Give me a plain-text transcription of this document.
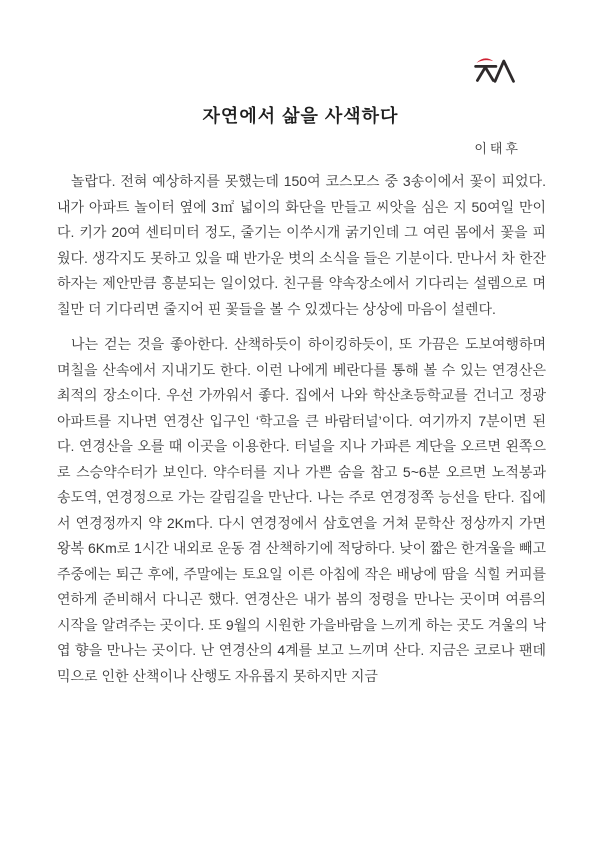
자연에서 삶을 사색하다
이태후

놀랍다. 전혀 예상하지를 못했는데 150여 코스모스 중 3송이에서 꽃이 피었다. 내가 아파트 놀이터 옆에 3㎡ 넓이의 화단을 만들고 씨앗을 심은 지 50여일 만이다. 키가 20여 센티미터 정도, 줄기는 이쑤시개 굵기인데 그 여린 몸에서 꽃을 피웠다. 생각지도 못하고 있을 때 반가운 벗의 소식을 들은 기분이다. 만나서 차 한잔하자는 제안만큼 흥분되는 일이었다. 친구를 약속장소에서 기다리는 설렘으로 며칠만 더 기다리면 줄지어 핀 꽃들을 볼 수 있겠다는 상상에 마음이 설렌다.

나는 걷는 것을 좋아한다. 산책하듯이 하이킹하듯이, 또 가끔은 도보여행하며 며칠을 산속에서 지내기도 한다. 이런 나에게 베란다를 통해 볼 수 있는 연경산은 최적의 장소이다. 우선 가까워서 좋다. 집에서 나와 학산초등학교를 건너고 정광아파트를 지나면 연경산 입구인 ‘학고을 큰 바람터널’이다. 여기까지 7분이면 된다. 연경산을 오를 때 이곳을 이용한다. 터널을 지나 가파른 계단을 오르면 왼쪽으로 스승약수터가 보인다. 약수터를 지나 가쁜 숨을 참고 5~6분 오르면 노적봉과 송도역, 연경정으로 가는 갈림길을 만난다. 나는 주로 연경정쪽 능선을 탄다. 집에서 연경정까지 약 2Km다. 다시 연경정에서 삼호연을 거쳐 문학산 정상까지 가면 왕복 6Km로 1시간 내외로 운동 겸 산책하기에 적당하다. 낮이 짧은 한겨울을 빼고 주중에는 퇴근 후에, 주말에는 토요일 이른 아침에 작은 배낭에 땀을 식힐 커피를 연하게 준비해서 다니곤 했다. 연경산은 내가 봄의 정령을 만나는 곳이며 여름의 시작을 알려주는 곳이다. 또 9월의 시원한 가을바람을 느끼게 하는 곳도 겨울의 낙엽 향을 만나는 곳이다. 난 연경산의 4계를 보고 느끼며 산다. 지금은 코로나 팬데믹으로 인한 산책이나 산행도 자유롭지 못하지만 지금
